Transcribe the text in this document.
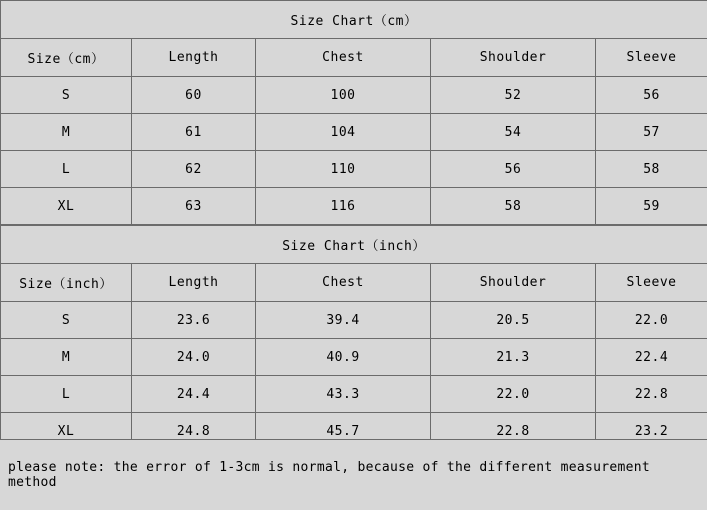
Size Chart（cm）				
Size（cm）	Length	Chest	Shoulder	Sleeve
S	60	100	52	56
M	61	104	54	57
L	62	110	56	58
XL	63	116	58	59
Size Chart（inch）				
Size（inch）	Length	Chest	Shoulder	Sleeve
S	23.6	39.4	20.5	22.0
M	24.0	40.9	21.3	22.4
L	24.4	43.3	22.0	22.8
XL	24.8	45.7	22.8	23.2
please note: the error of 1-3cm is normal, because of the different measurement method
